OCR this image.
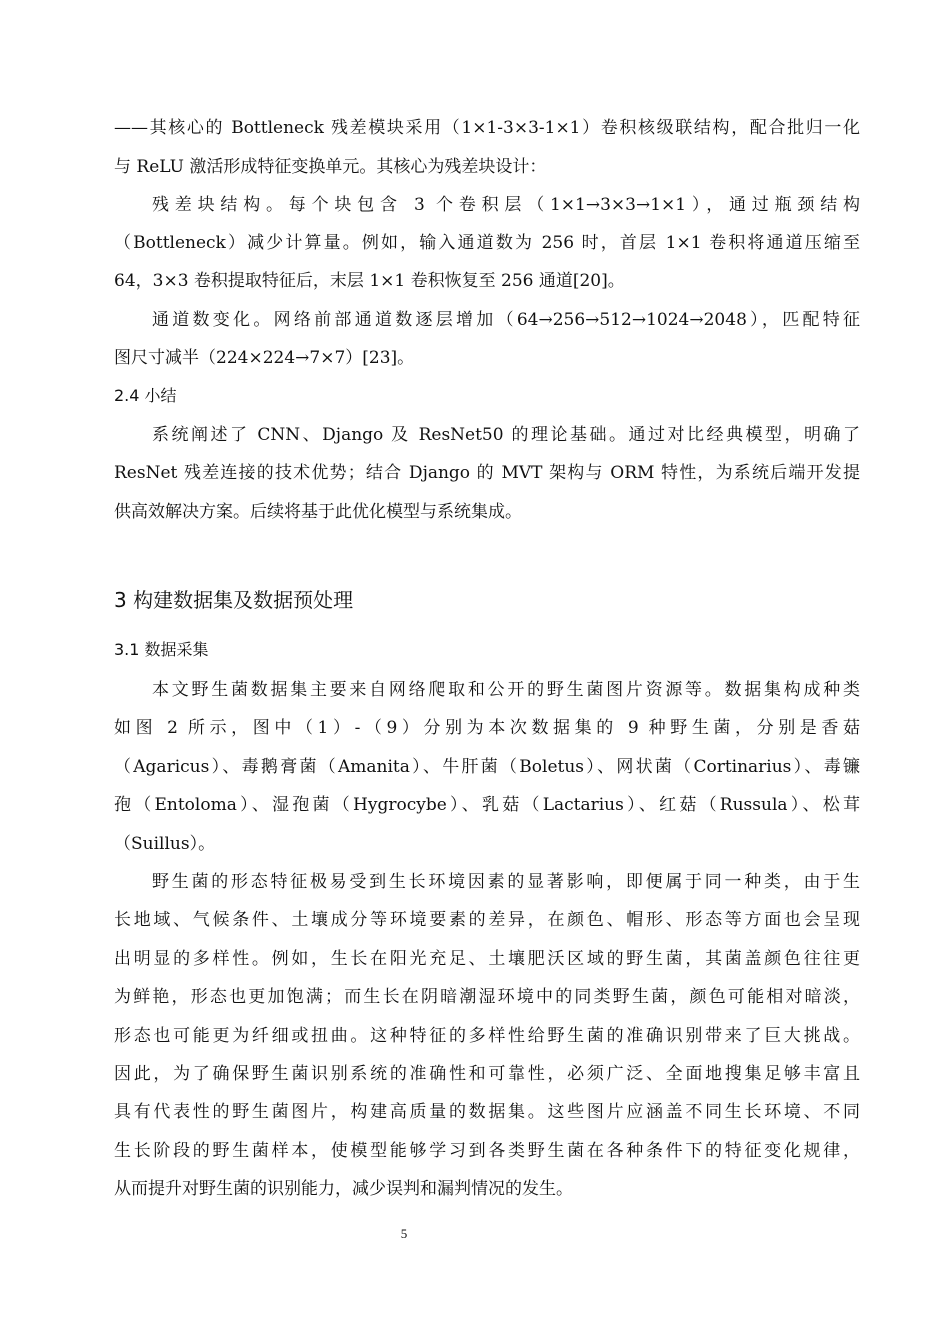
——其核心的 Bottleneck 残差模块采用（1×1-3×3-1×1）卷积核级联结构，配合批归一化
与 ReLU 激活形成特征变换单元。其核心为残差块设计：
残差块结构。每个块包含 3 个卷积层（1×1→3×3→1×1），通过瓶颈结构
（Bottleneck）减少计算量。例如，输入通道数为 256 时，首层 1×1 卷积将通道压缩至
64，3×3 卷积提取特征后，末层 1×1 卷积恢复至 256 通道[20]。
通道数变化。网络前部通道数逐层增加（64→256→512→1024→2048），匹配特征
图尺寸减半（224×224→7×7）[23]。
2.4 小结
系统阐述了 CNN、Django 及 ResNet50 的理论基础。通过对比经典模型，明确了
ResNet 残差连接的技术优势；结合 Django 的 MVT 架构与 ORM 特性，为系统后端开发提
供高效解决方案。后续将基于此优化模型与系统集成。
3 构建数据集及数据预处理
3.1 数据采集
本文野生菌数据集主要来自网络爬取和公开的野生菌图片资源等。数据集构成种类
如图 2 所示，图中（1）-（9）分别为本次数据集的 9 种野生菌，分别是香菇
（Agaricus）、毒鹅膏菌（Amanita）、牛肝菌（Boletus）、网状菌（Cortinarius）、毒镰
孢（Entoloma）、湿孢菌（Hygrocybe）、乳菇（Lactarius）、红菇（Russula）、松茸
（Suillus）。
野生菌的形态特征极易受到生长环境因素的显著影响，即便属于同一种类，由于生
长地域、气候条件、土壤成分等环境要素的差异，在颜色、帽形、形态等方面也会呈现
出明显的多样性。例如，生长在阳光充足、土壤肥沃区域的野生菌，其菌盖颜色往往更
为鲜艳，形态也更加饱满；而生长在阴暗潮湿环境中的同类野生菌，颜色可能相对暗淡，
形态也可能更为纤细或扭曲。这种特征的多样性给野生菌的准确识别带来了巨大挑战。
因此，为了确保野生菌识别系统的准确性和可靠性，必须广泛、全面地搜集足够丰富且
具有代表性的野生菌图片，构建高质量的数据集。这些图片应涵盖不同生长环境、不同
生长阶段的野生菌样本，使模型能够学习到各类野生菌在各种条件下的特征变化规律，
从而提升对野生菌的识别能力，减少误判和漏判情况的发生。
5
